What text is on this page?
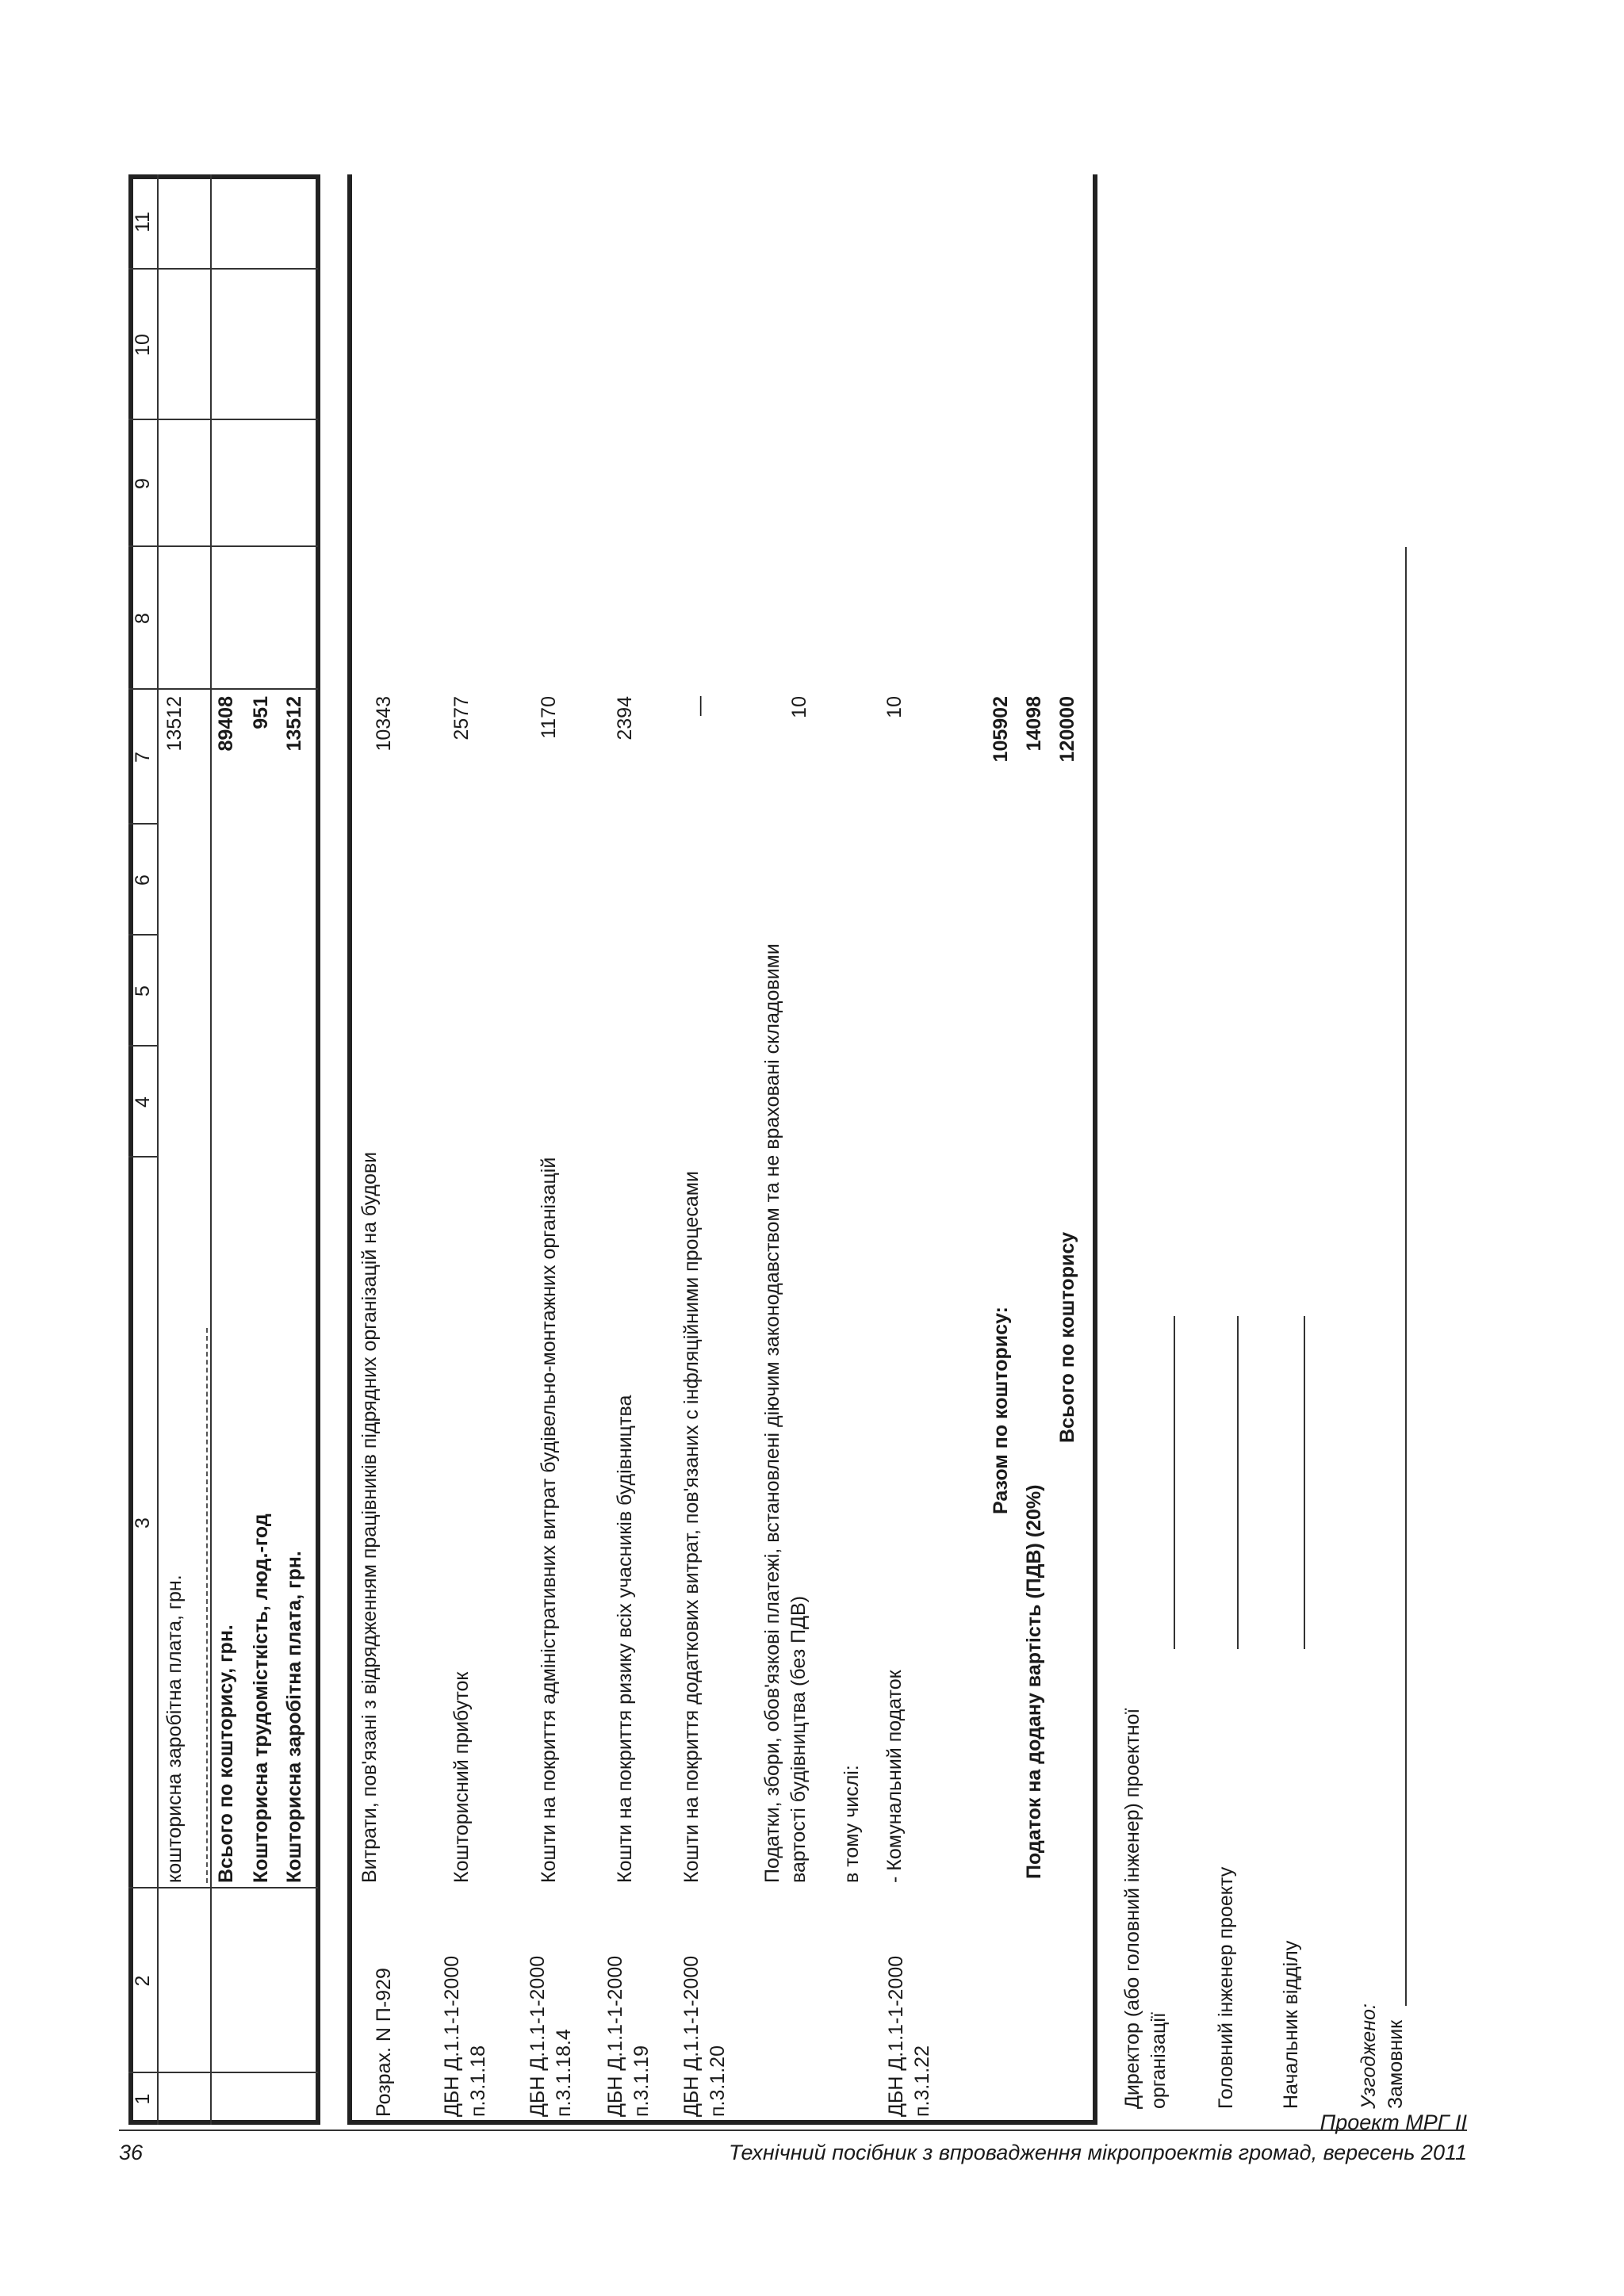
1
2
3
4
5
6
7
8
9
10
11
кошторисна заробітна плата, грн.
13512
Всього по кошторису, грн.
89408
Кошторисна трудомісткість, люд.-год
951
Кошторисна заробітна плата, грн.
13512
Розрах. N П-929
Витрати, пов'язані з відрядженням працівників підрядних організацій на будови
10343
ДБН Д.1.1-1-2000 п.3.1.18
Кошторисний прибуток
2577
ДБН Д.1.1-1-2000 п.3.1.18.4
Кошти на покриття адміністративних витрат будівельно-монтажних організацій
1170
ДБН Д.1.1-1-2000 п.3.1.19
Кошти на покриття ризику всіх учасників будівництва
2394
ДБН Д.1.1-1-2000 п.3.1.20
Кошти на покриття додаткових витрат, пов'язаних с інфляційними процесами
—
Податки, збори, обов'язкові платежі, встановлені діючим законодавством та не враховані складовими вартості будівництва (без ПДВ)
10
в тому числі:
ДБН Д.1.1-1-2000 п.3.1.22
- Комунальний податок
10
Разом по кошторису:
105902
Податок на додану вартість (ПДВ) (20%)
14098
Всього по кошторису
120000
Директор (або головний інженер) проектної організації Головний інженер проекту Начальник відділу	Узгоджено: Замовник
36	Технічний посібник з впровадження мікропроектів громад, вересень 2011
Проект МРГ ІІ
